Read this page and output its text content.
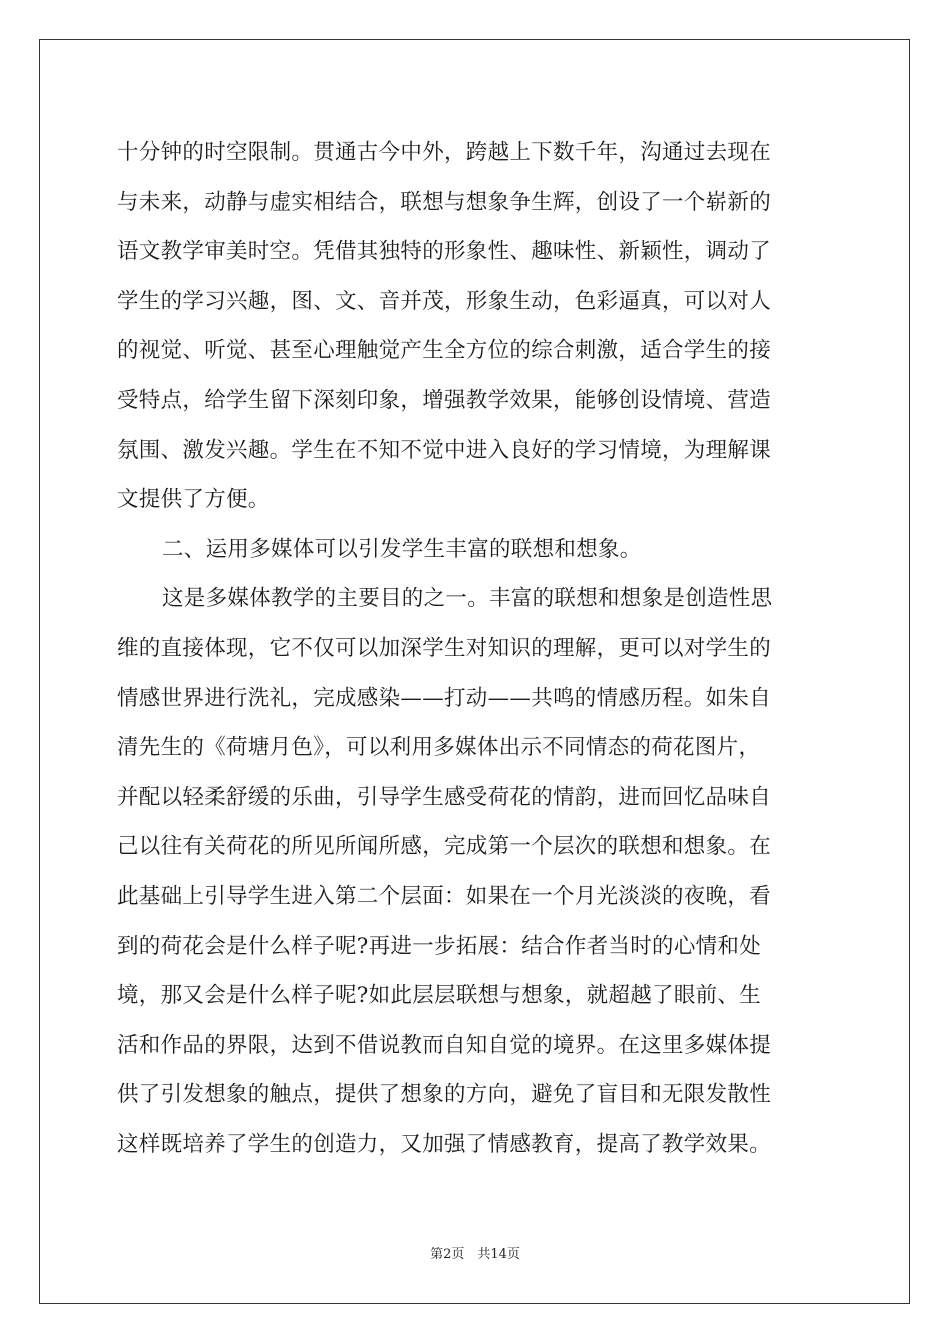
十分钟的时空限制。贯通古今中外，跨越上下数千年，沟通过去现在
与未来，动静与虚实相结合，联想与想象争生辉，创设了一个崭新的
语文教学审美时空。凭借其独特的形象性、趣味性、新颖性，调动了
学生的学习兴趣，图、文、音并茂，形象生动，色彩逼真，可以对人
的视觉、听觉、甚至心理触觉产生全方位的综合刺激，适合学生的接
受特点，给学生留下深刻印象，增强教学效果，能够创设情境、营造
氛围、激发兴趣。学生在不知不觉中进入良好的学习情境，为理解课
文提供了方便。
二、运用多媒体可以引发学生丰富的联想和想象。
这是多媒体教学的主要目的之一。丰富的联想和想象是创造性思
维的直接体现，它不仅可以加深学生对知识的理解，更可以对学生的
情感世界进行洗礼，完成感染——打动——共鸣的情感历程。如朱自
清先生的《荷塘月色》，可以利用多媒体出示不同情态的荷花图片，
并配以轻柔舒缓的乐曲，引导学生感受荷花的情韵，进而回忆品味自
己以往有关荷花的所见所闻所感，完成第一个层次的联想和想象。在
此基础上引导学生进入第二个层面：如果在一个月光淡淡的夜晚，看
到的荷花会是什么样子呢?再进一步拓展：结合作者当时的心情和处
境，那又会是什么样子呢?如此层层联想与想象，就超越了眼前、生
活和作品的界限，达到不借说教而自知自觉的境界。在这里多媒体提
供了引发想象的触点，提供了想象的方向，避免了盲目和无限发散性
这样既培养了学生的创造力，又加强了情感教育，提高了教学效果。
第2页　共14页
